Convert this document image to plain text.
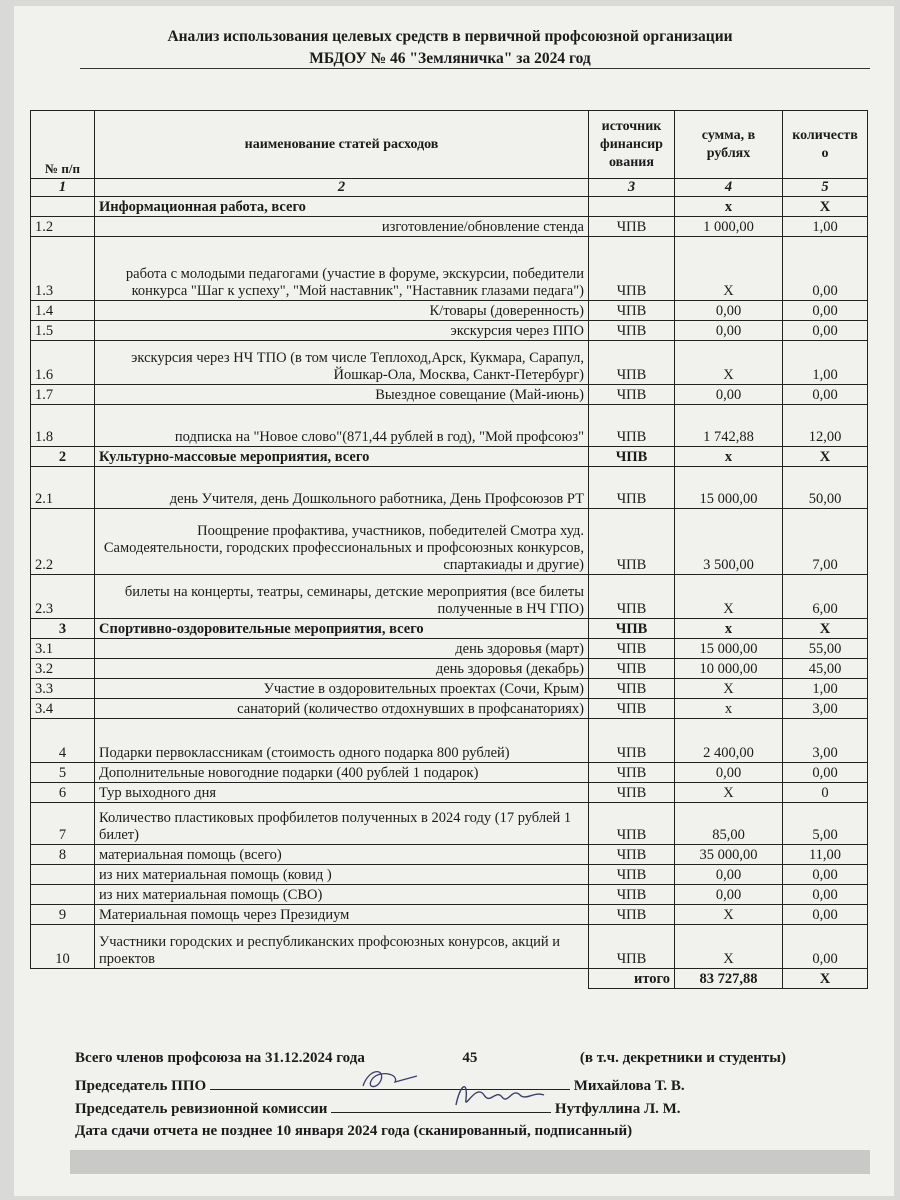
Анализ использования целевых средств в первичной профсоюзной организации
МБДОУ № 46 "Земляничка" за 2024 год
№ п/п	наименование статей расходов	источник финансир ования	сумма, в рублях	количеств о
1	2	3	4	5
	Информационная работа, всего		х	Х
1.2	изготовление/обновление стенда	ЧПВ	1 000,00	1,00
1.3	работа с молодыми педагогами (участие в форуме, экскурсии, победители конкурса "Шаг к успеху", "Мой наставник", "Наставник глазами педага")	ЧПВ	Х	0,00
1.4	К/товары (доверенность)	ЧПВ	0,00	0,00
1.5	экскурсия через ППО	ЧПВ	0,00	0,00
1.6	экскурсия через НЧ ТПО (в том числе Теплоход,Арск, Кукмара, Сарапул, Йошкар-Ола, Москва, Санкт-Петербург)	ЧПВ	Х	1,00
1.7	Выездное совещание (Май-июнь)	ЧПВ	0,00	0,00
1.8	подписка на "Новое слово"(871,44 рублей в год), "Мой профсоюз"	ЧПВ	1 742,88	12,00
2	Культурно-массовые мероприятия, всего	ЧПВ	х	Х
2.1	день Учителя, день Дошкольного работника, День Профсоюзов РТ	ЧПВ	15 000,00	50,00
2.2	Поощрение профактива, участников, победителей Смотра худ. Самодеятельности, городских профессиональных и профсоюзных конкурсов, спартакиады и другие)	ЧПВ	3 500,00	7,00
2.3	билеты на концерты, театры, семинары, детские мероприятия (все билеты полученные в НЧ ГПО)	ЧПВ	Х	6,00
3	Спортивно-оздоровительные мероприятия, всего	ЧПВ	х	Х
3.1	день здоровья (март)	ЧПВ	15 000,00	55,00
3.2	день здоровья (декабрь)	ЧПВ	10 000,00	45,00
3.3	Участие в оздоровительных проектах (Сочи, Крым)	ЧПВ	Х	1,00
3.4	санаторий (количество отдохнувших в профсанаториях)	ЧПВ	х	3,00
4	Подарки первоклассникам (стоимость одного подарка 800 рублей)	ЧПВ	2 400,00	3,00
5	Дополнительные новогодние подарки (400 рублей 1 подарок)	ЧПВ	0,00	0,00
6	Тур выходного дня	ЧПВ	Х	0
7	Количество пластиковых профбилетов полученных в 2024 году (17 рублей 1 билет)	ЧПВ	85,00	5,00
8	материальная помощь (всего)	ЧПВ	35 000,00	11,00
	из них материальная помощь (ковид )	ЧПВ	0,00	0,00
	из них материальная помощь (СВО)	ЧПВ	0,00	0,00
9	Материальная помощь через Президиум	ЧПВ	Х	0,00
10	Участники городских и республиканских профсоюзных конурсов, акций и проектов	ЧПВ	Х	0,00
		итого	83 727,88	Х
Всего членов профсоюза на 31.12.2024 года	45	(в т.ч. декретники и студенты)
Председатель ППО	Михайлова Т. В.
Председатель ревизионной комиссии	Нутфуллина Л. М.
Дата сдачи отчета не позднее 10 января 2024 года (сканированный, подписанный)
